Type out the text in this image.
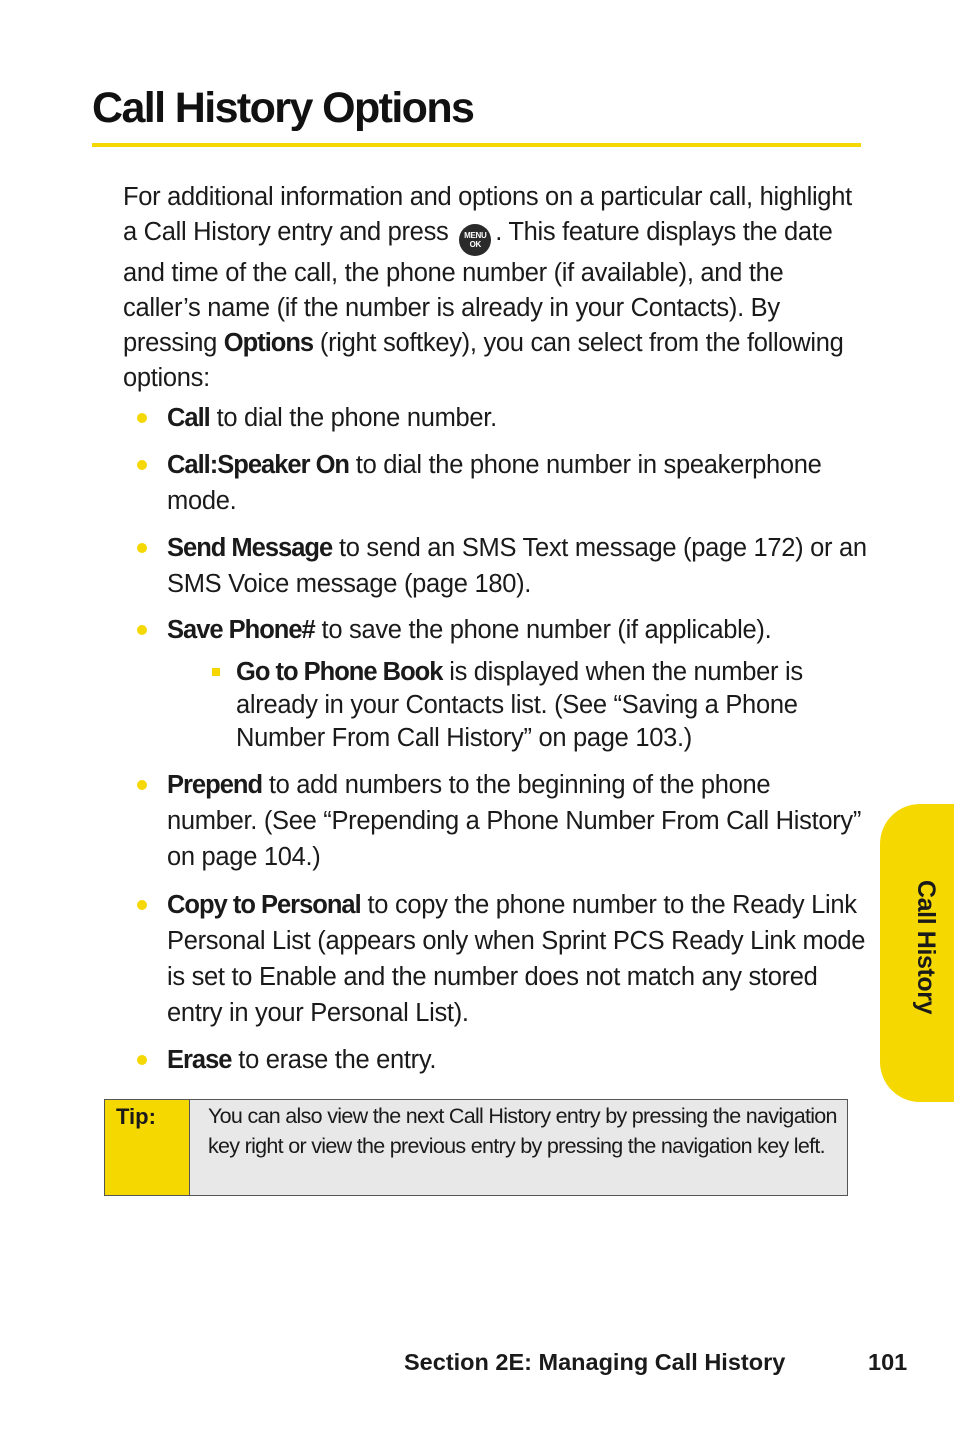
Call History Options

For additional information and options on a particular call, highlight a Call History entry and press	MENU
OK . This feature displays the date and time of the call, the phone number (if available), and the caller’s name (if the number is already in your Contacts). By pressing Options (right softkey), you can select from the following options:

Call to dial the phone number.

Call:Speaker On to dial the phone number in speakerphone mode.

Send Message to send an SMS Text message (page 172) or an SMS Voice message (page 180).

Save Phone# to save the phone number (if applicable).

Go to Phone Book is displayed when the number is already in your Contacts list. (See “Saving a Phone Number From Call History” on page 103.)

Prepend to add numbers to the beginning of the phone number. (See “Prepending a Phone Number From Call History” on page 104.)

Copy to Personal to copy the phone number to the Ready Link Personal List (appears only when Sprint PCS Ready Link mode is set to Enable and the number does not match any stored entry in your Personal List).

Erase to erase the entry.

Tip:	You can also view the next Call History entry by pressing the navigation key right or view the previous entry by pressing the navigation key left.
Call History
Section 2E: Managing Call History	101
